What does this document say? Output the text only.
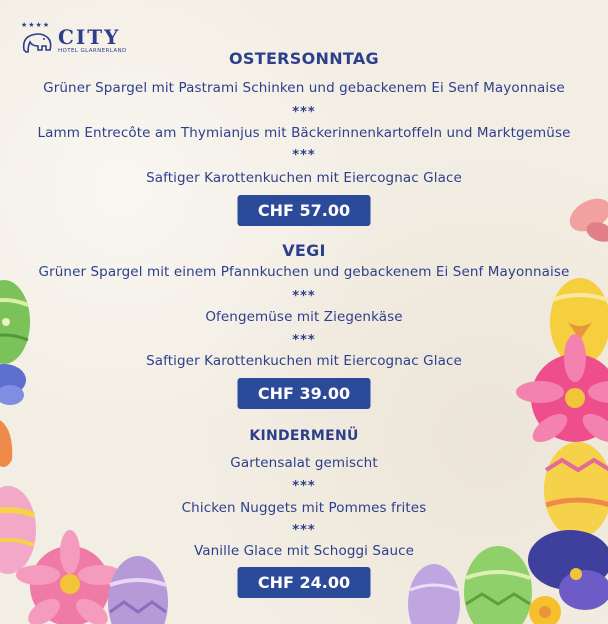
★★★★ CITY
HOTEL GLARNERLAND	OSTERSONNTAG
Grüner Spargel mit Pastrami Schinken und gebackenem Ei Senf Mayonnaise
***
Lamm Entrecôte am Thymianjus mit Bäckerinnenkartoffeln und Marktgemüse
***
Saftiger Karottenkuchen mit Eiercognac Glace
CHF 57.00
VEGI
Grüner Spargel mit einem Pfannkuchen und gebackenem Ei Senf Mayonnaise
***
Ofengemüse mit Ziegenkäse
***
Saftiger Karottenkuchen mit Eiercognac Glace
CHF 39.00
KINDERMENÜ
Gartensalat gemischt
***
Chicken Nuggets mit Pommes frites
***
Vanille Glace mit Schoggi Sauce
CHF 24.00
